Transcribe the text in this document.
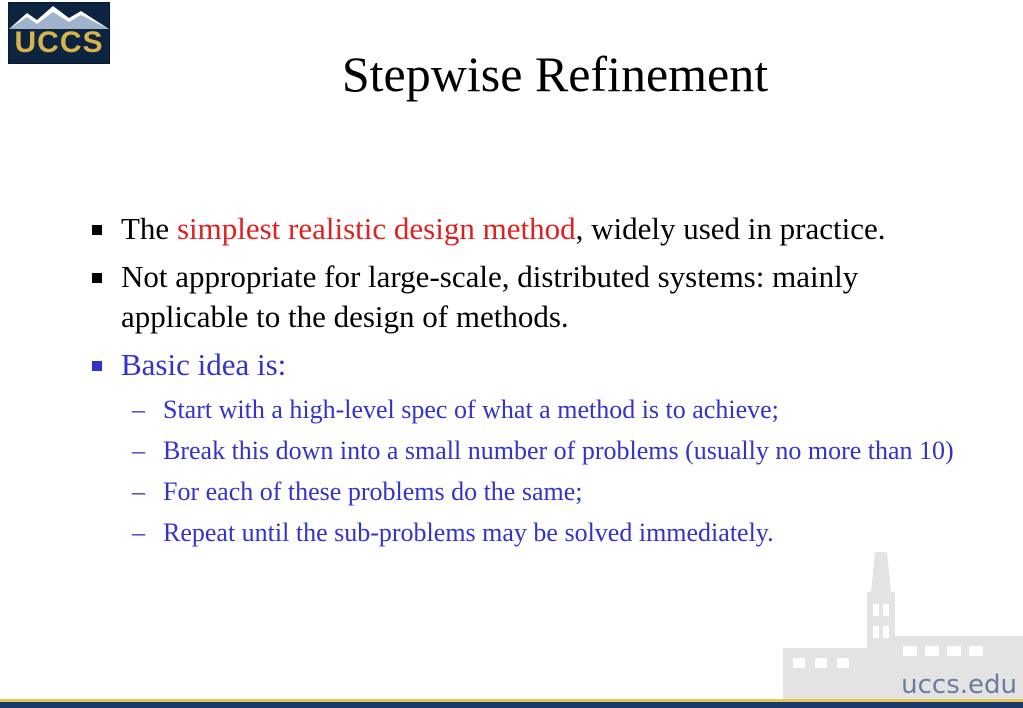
UCCS
Stepwise Refinement
The simplest realistic design method, widely used in practice.
Not appropriate for large-scale, distributed systems: mainly applicable to the design of methods.
Basic idea is:
– Start with a high-level spec of what a method is to achieve;
– Break this down into a small number of problems (usually no more than 10)
– For each of these problems do the same;
– Repeat until the sub-problems may be solved immediately.
uccs.edu
